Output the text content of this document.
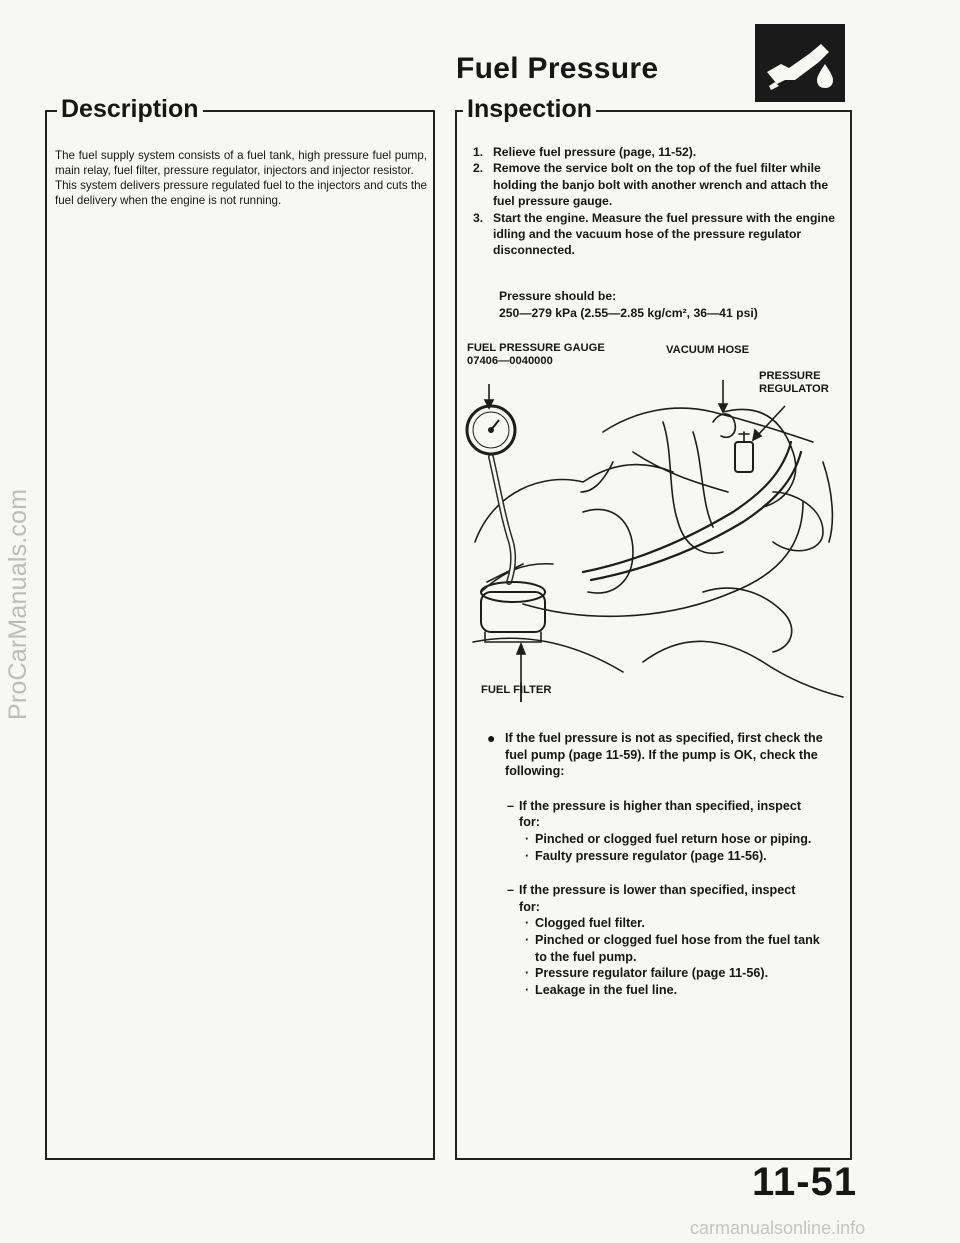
ProCarManuals.com
carmanualsonline.info
Fuel Pressure
Description

The fuel supply system consists of a fuel tank, high pressure fuel pump, main relay, fuel filter, pressure regulator, injectors and injector resistor.

This system delivers pressure regulated fuel to the injectors and cuts the fuel delivery when the engine is not running.

Inspection
1. Relieve fuel pressure (page, 11-52).
2. Remove the service bolt on the top of the fuel filter while holding the banjo bolt with another wrench and attach the fuel pressure gauge.
3. Start the engine. Measure the fuel pressure with the engine idling and the vacuum hose of the pressure regulator disconnected.
Pressure should be:
250—279 kPa (2.55—2.85 kg/cm², 36—41 psi)
FUEL PRESSURE GAUGE
07406—0040000
VACUUM HOSE
PRESSURE
REGULATOR
FUEL FILTER
● If the fuel pressure is not as specified, first check the fuel pump (page 11-59). If the pump is OK, check the following:
– If the pressure is higher than specified, inspect
for:
· Pinched or clogged fuel return hose or piping.
· Faulty pressure regulator (page 11-56).
– If the pressure is lower than specified, inspect
for:
· Clogged fuel filter.
· Pinched or clogged fuel hose from the fuel tank to the fuel pump.
· Pressure regulator failure (page 11-56).
· Leakage in the fuel line.
11-51
